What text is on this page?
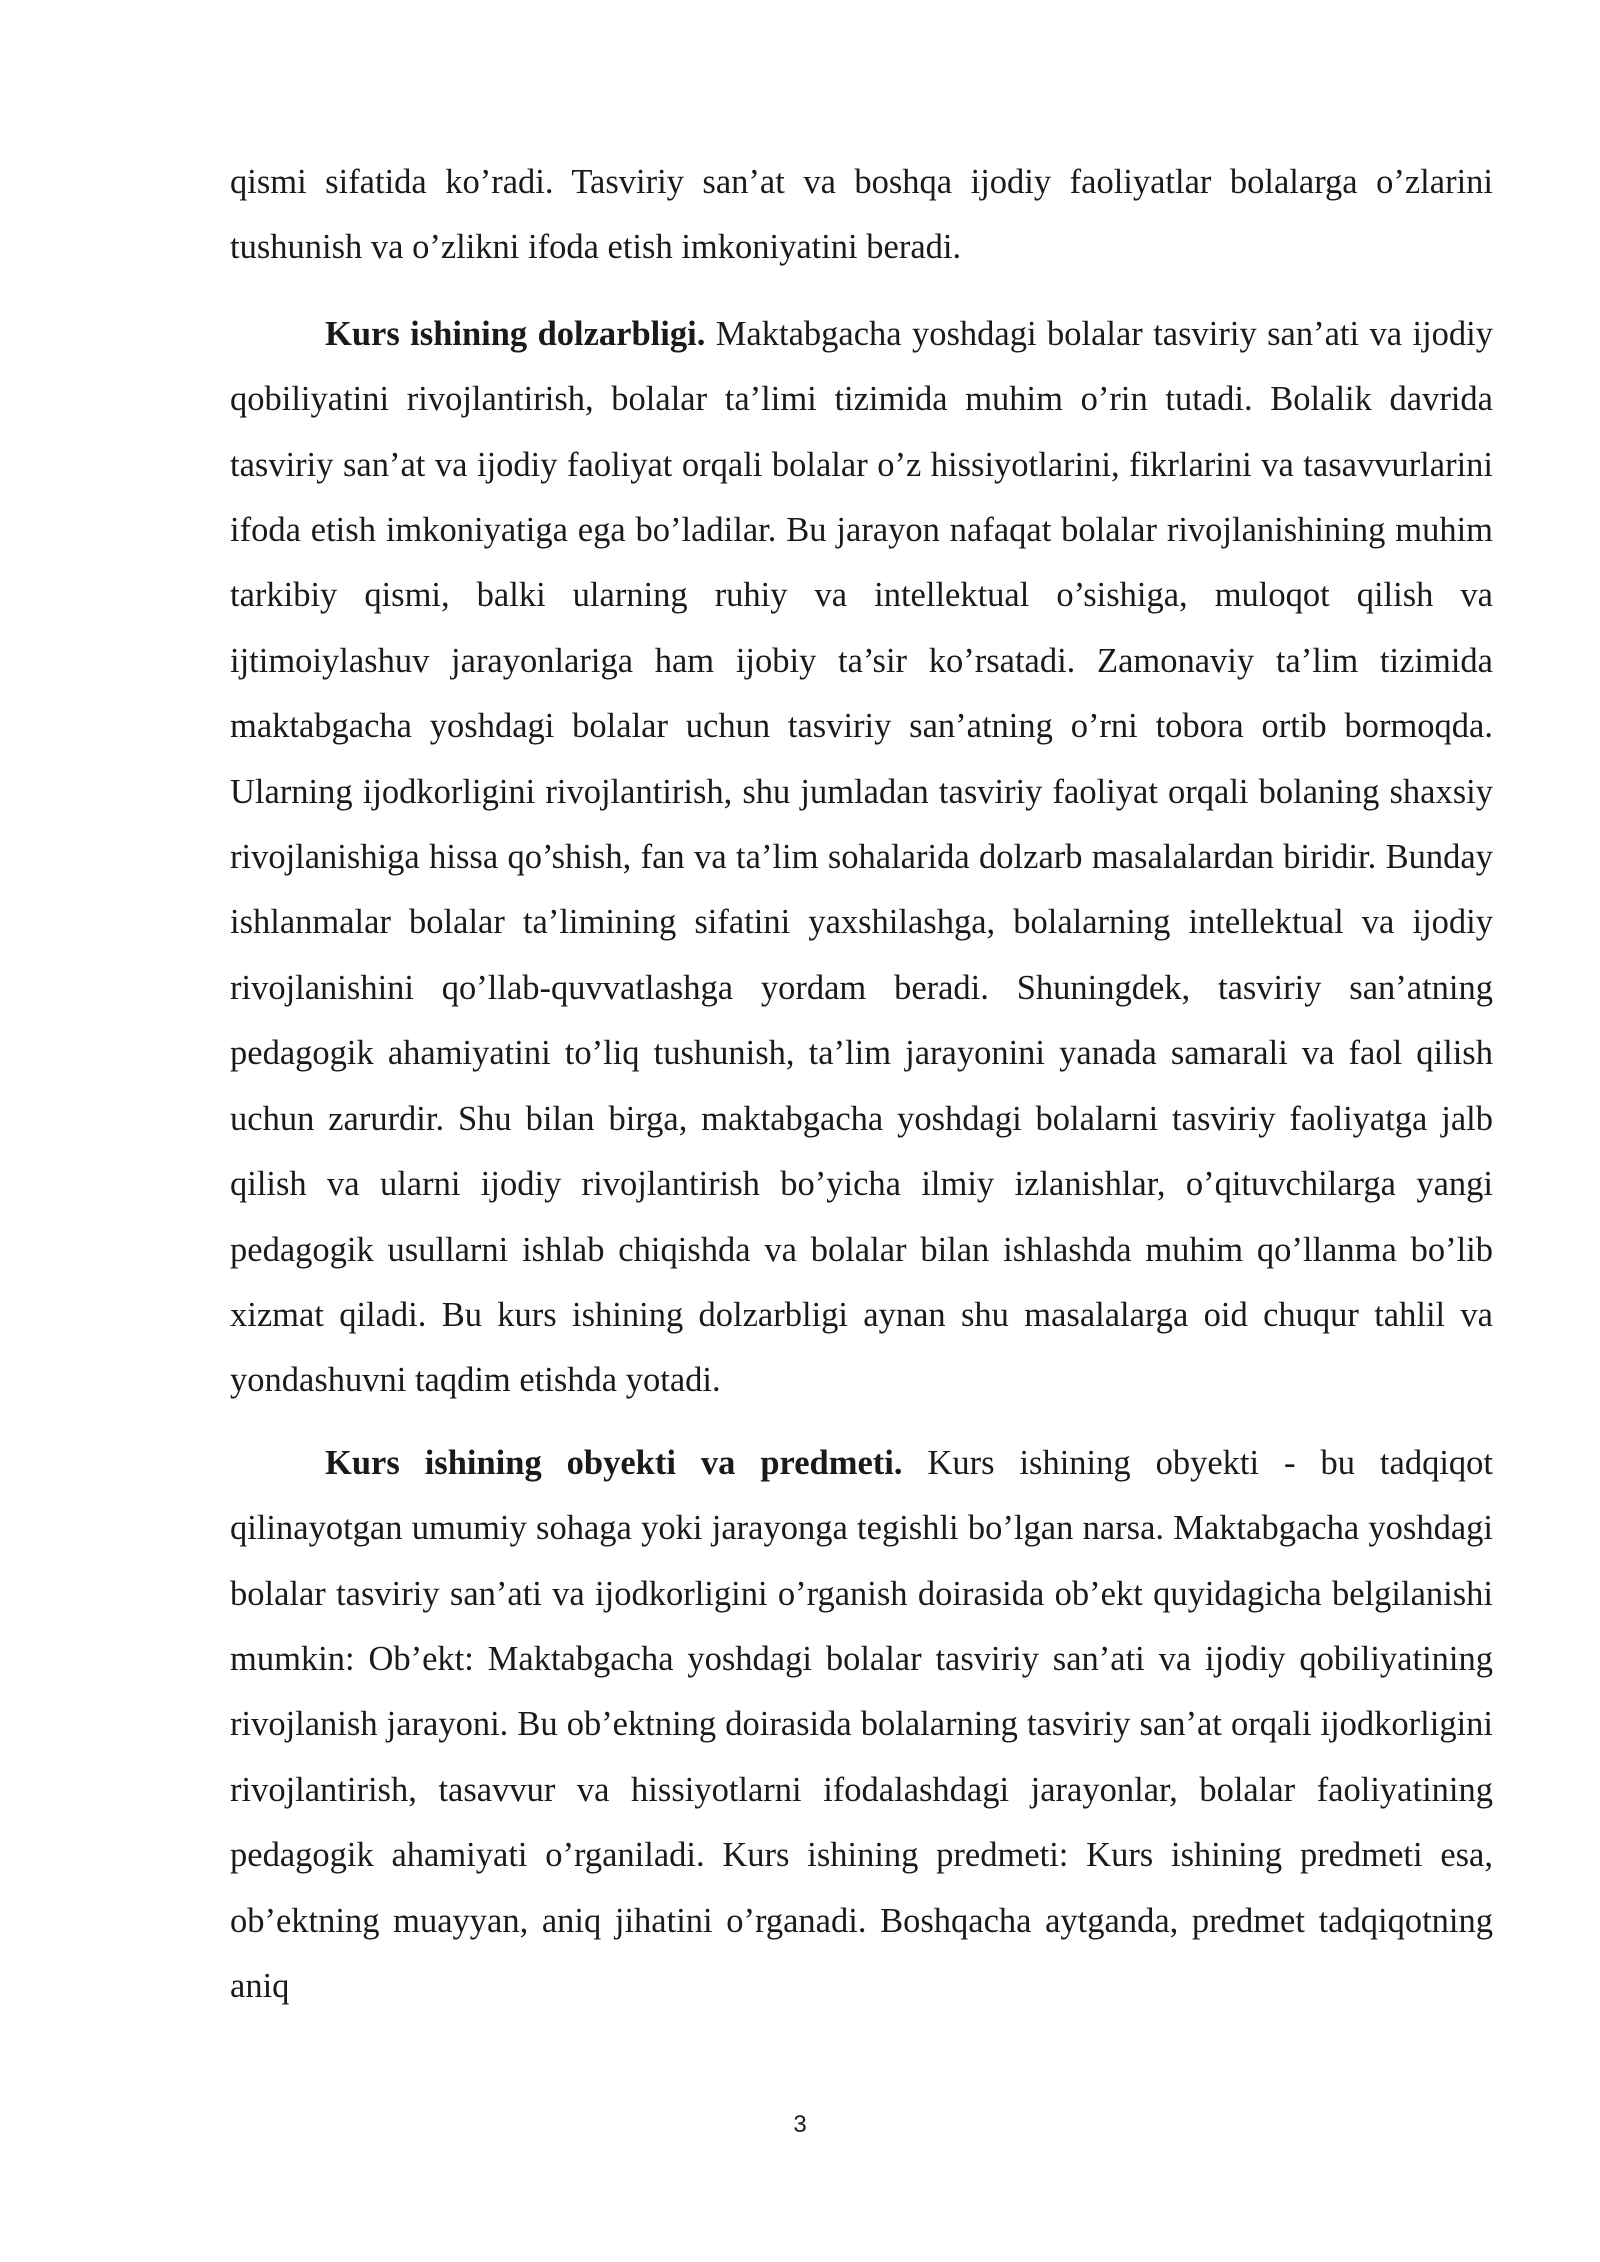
qismi sifatida ko’radi. Tasviriy san’at va boshqa ijodiy faoliyatlar bolalarga o’zlarini tushunish va o’zlikni ifoda etish imkoniyatini beradi.

Kurs ishining dolzarbligi. Maktabgacha yoshdagi bolalar tasviriy san’ati va ijodiy qobiliyatini rivojlantirish, bolalar ta’limi tizimida muhim o’rin tutadi. Bolalik davrida tasviriy san’at va ijodiy faoliyat orqali bolalar o’z hissiyotlarini, fikrlarini va tasavvurlarini ifoda etish imkoniyatiga ega bo’ladilar. Bu jarayon nafaqat bolalar rivojlanishining muhim tarkibiy qismi, balki ularning ruhiy va intellektual o’sishiga, muloqot qilish va ijtimoiylashuv jarayonlariga ham ijobiy ta’sir ko’rsatadi. Zamonaviy ta’lim tizimida maktabgacha yoshdagi bolalar uchun tasviriy san’atning o’rni tobora ortib bormoqda. Ularning ijodkorligini rivojlantirish, shu jumladan tasviriy faoliyat orqali bolaning shaxsiy rivojlanishiga hissa qo’shish, fan va ta’lim sohalarida dolzarb masalalardan biridir. Bunday ishlanmalar bolalar ta’limining sifatini yaxshilashga, bolalarning intellektual va ijodiy rivojlanishini qo’llab-quvvatlashga yordam beradi. Shuningdek, tasviriy san’atning pedagogik ahamiyatini to’liq tushunish, ta’lim jarayonini yanada samarali va faol qilish uchun zarurdir. Shu bilan birga, maktabgacha yoshdagi bolalarni tasviriy faoliyatga jalb qilish va ularni ijodiy rivojlantirish bo’yicha ilmiy izlanishlar, o’qituvchilarga yangi pedagogik usullarni ishlab chiqishda va bolalar bilan ishlashda muhim qo’llanma bo’lib xizmat qiladi. Bu kurs ishining dolzarbligi aynan shu masalalarga oid chuqur tahlil va yondashuvni taqdim etishda yotadi.

Kurs ishining obyekti va predmeti. Kurs ishining obyekti - bu tadqiqot qilinayotgan umumiy sohaga yoki jarayonga tegishli bo’lgan narsa. Maktabgacha yoshdagi bolalar tasviriy san’ati va ijodkorligini o’rganish doirasida ob’ekt quyidagicha belgilanishi mumkin: Ob’ekt: Maktabgacha yoshdagi bolalar tasviriy san’ati va ijodiy qobiliyatining rivojlanish jarayoni. Bu ob’ektning doirasida bolalarning tasviriy san’at orqali ijodkorligini rivojlantirish, tasavvur va hissiyotlarni ifodalashdagi jarayonlar, bolalar faoliyatining pedagogik ahamiyati o’rganiladi. Kurs ishining predmeti: Kurs ishining predmeti esa, ob’ektning muayyan, aniq jihatini o’rganadi. Boshqacha aytganda, predmet tadqiqotning aniq

3
